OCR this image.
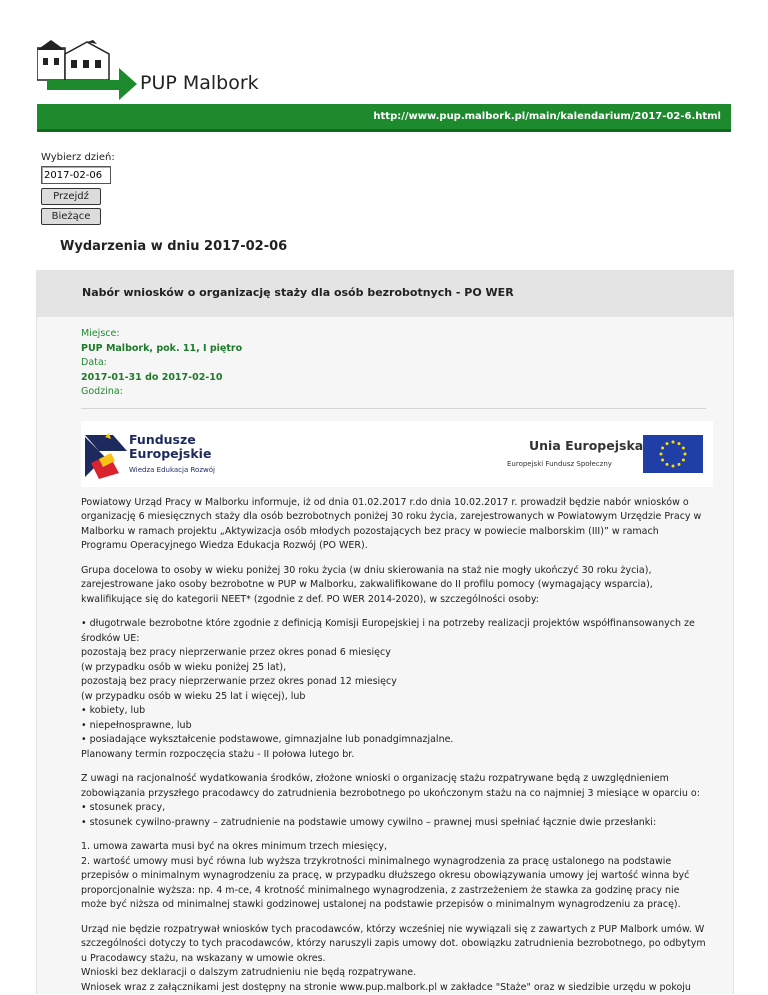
PUP Malbork
http://www.pup.malbork.pl/main/kalendarium/2017-02-6.html
Wybierz dzień:
2017-02-06
Przejdź
Bieżące
Wydarzenia w dniu 2017-02-06
Nabór wniosków o organizację staży dla osób bezrobotnych - PO WER
Miejsce:
PUP Malbork, pok. 11, I piętro
Data:
2017-01-31 do 2017-02-10
Godzina:
Fundusze
Europejskie
Wiedza Edukacja Rozwój
Unia Europejska
Europejski Fundusz Społeczny
Powiatowy Urząd Pracy w Malborku informuje, iż od dnia 01.02.2017 r.do dnia 10.02.2017 r. prowadził będzie nabór wniosków o organizację 6 miesięcznych staży dla osób bezrobotnych poniżej 30 roku życia, zarejestrowanych w Powiatowym Urzędzie Pracy w Malborku w ramach projektu „Aktywizacja osób młodych pozostających bez pracy w powiecie malborskim (III)” w ramach Programu Operacyjnego Wiedza Edukacja Rozwój (PO WER).
Grupa docelowa to osoby w wieku poniżej 30 roku życia (w dniu skierowania na staż nie mogły ukończyć 30 roku życia), zarejestrowane jako osoby bezrobotne w PUP w Malborku, zakwalifikowane do II profilu pomocy (wymagający wsparcia), kwalifikujące się do kategorii NEET* (zgodnie z def. PO WER 2014-2020), w szczególności osoby:
• długotrwale bezrobotne które zgodnie z definicją Komisji Europejskiej i na potrzeby realizacji projektów współfinansowanych ze środków UE:
pozostają bez pracy nieprzerwanie przez okres ponad 6 miesięcy
(w przypadku osób w wieku poniżej 25 lat),
pozostają bez pracy nieprzerwanie przez okres ponad 12 miesięcy
(w przypadku osób w wieku 25 lat i więcej), lub
• kobiety, lub
• niepełnosprawne, lub
• posiadające wykształcenie podstawowe, gimnazjalne lub ponadgimnazjalne.
Planowany termin rozpoczęcia stażu - II połowa lutego br.
Z uwagi na racjonalność wydatkowania środków, złożone wnioski o organizację stażu rozpatrywane będą z uwzględnieniem zobowiązania przyszłego pracodawcy do zatrudnienia bezrobotnego po ukończonym stażu na co najmniej 3 miesiące w oparciu o:
• stosunek pracy,
• stosunek cywilno-prawny – zatrudnienie na podstawie umowy cywilno – prawnej musi spełniać łącznie dwie przesłanki:
1. umowa zawarta musi być na okres minimum trzech miesięcy,
2. wartość umowy musi być równa lub wyższa trzykrotności minimalnego wynagrodzenia za pracę ustalonego na podstawie przepisów o minimalnym wynagrodzeniu za pracę, w przypadku dłuższego okresu obowiązywania umowy jej wartość winna być proporcjonalnie wyższa: np. 4 m-ce, 4 krotność minimalnego wynagrodzenia, z zastrzeżeniem że stawka za godzinę pracy nie może być niższa od minimalnej stawki godzinowej ustalonej na podstawie przepisów o minimalnym wynagrodzeniu za pracę).
Urząd nie będzie rozpatrywał wniosków tych pracodawców, którzy wcześniej nie wywiązali się z zawartych z PUP Malbork umów. W szczególności dotyczy to tych pracodawców, którzy naruszyli zapis umowy dot. obowiązku zatrudnienia bezrobotnego, po odbytym u Pracodawcy stażu, na wskazany w umowie okres.
Wnioski bez deklaracji o dalszym zatrudnieniu nie będą rozpatrywane.
Wniosek wraz z załącznikami jest dostępny na stronie www.pup.malbork.pl w zakładce "Staże" oraz w siedzibie urzędu w pokoju
